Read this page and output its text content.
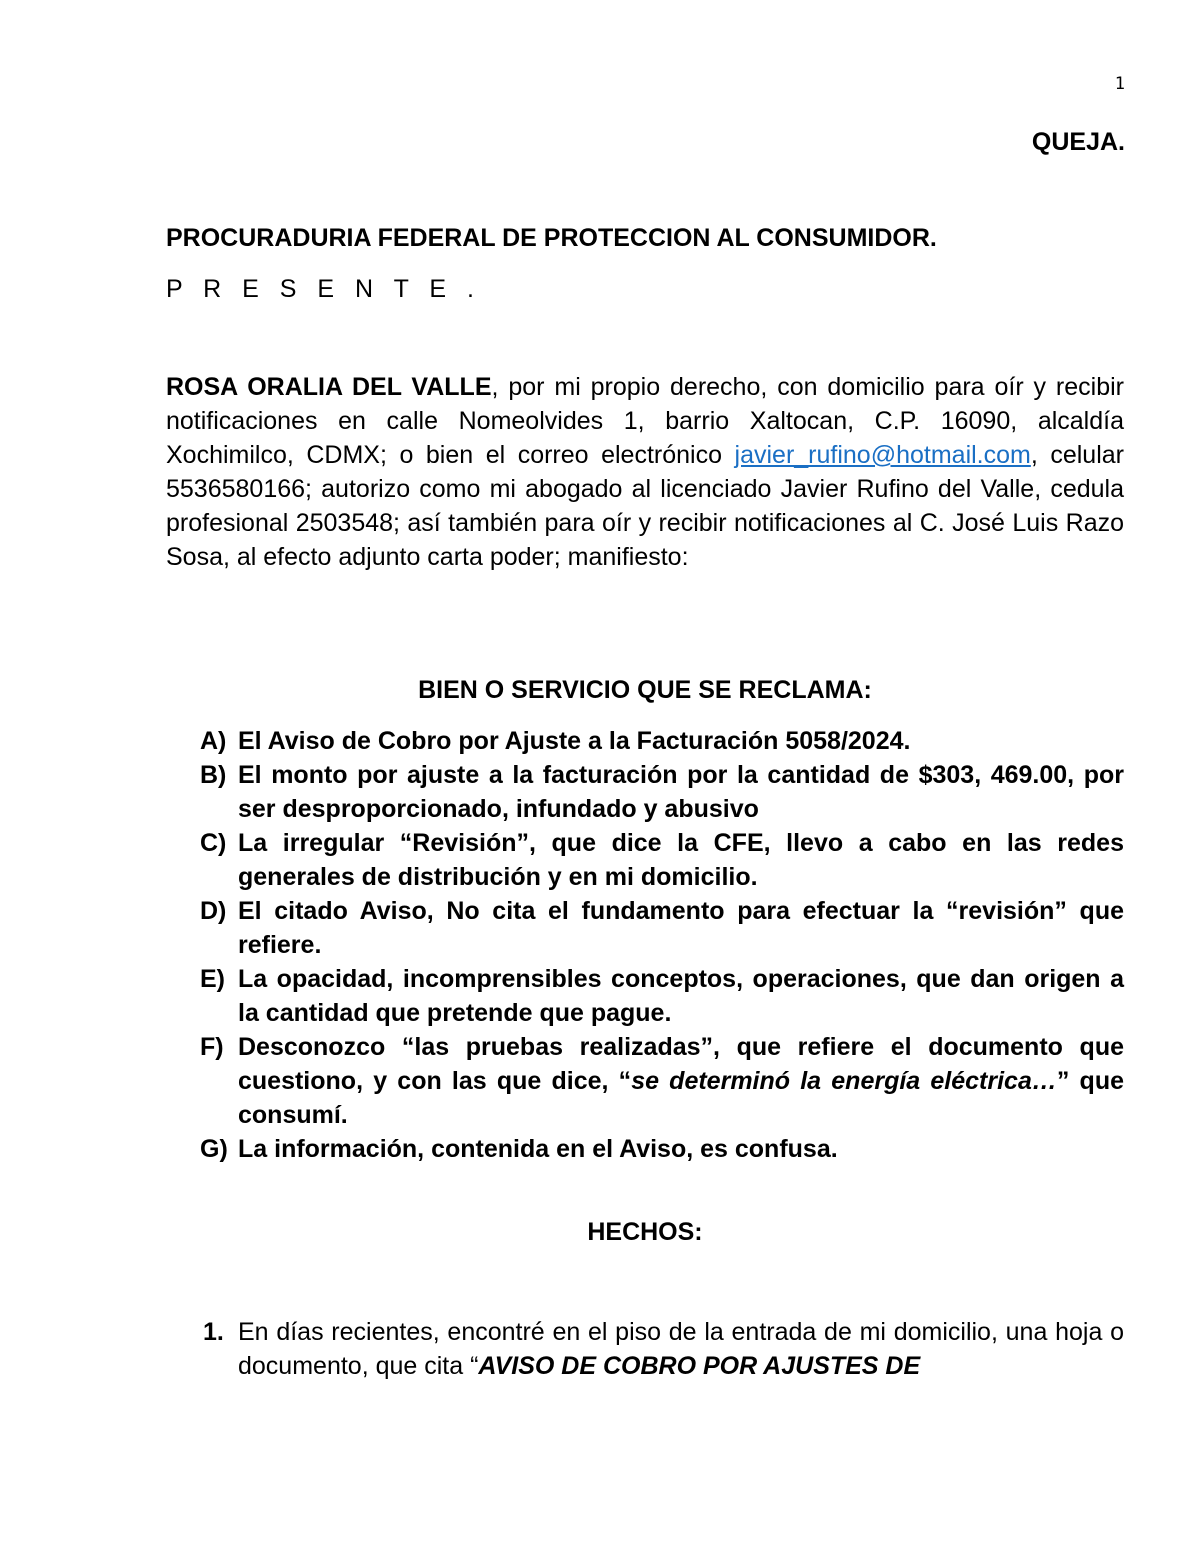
1
QUEJA.
PROCURADURIA FEDERAL DE PROTECCION AL CONSUMIDOR.
P R E S E N T E .

ROSA ORALIA DEL VALLE, por mi propio derecho, con domicilio para oír y recibir notificaciones en calle Nomeolvides 1, barrio Xaltocan, C.P. 16090, alcaldía Xochimilco, CDMX; o bien el correo electrónico javier_rufino@hotmail.com, celular 5536580166; autorizo como mi abogado al licenciado Javier Rufino del Valle, cedula profesional 2503548; así también para oír y recibir notificaciones al C. José Luis Razo Sosa, al efecto adjunto carta poder; manifiesto:

BIEN O SERVICIO QUE SE RECLAMA:
A) El Aviso de Cobro por Ajuste a la Facturación 5058/2024.
B) El monto por ajuste a la facturación por la cantidad de $303, 469.00, por ser desproporcionado, infundado y abusivo
C) La irregular “Revisión”, que dice la CFE, llevo a cabo en las redes generales de distribución y en mi domicilio.
D) El citado Aviso, No cita el fundamento para efectuar la “revisión” que refiere.
E) La opacidad, incomprensibles conceptos, operaciones, que dan origen a la cantidad que pretende que pague.
F) Desconozco “las pruebas realizadas”, que refiere el documento que cuestiono, y con las que dice, “se determinó la energía eléctrica…” que consumí.
G) La información, contenida en el Aviso, es confusa.
HECHOS:
1. En días recientes, encontré en el piso de la entrada de mi domicilio, una hoja o documento, que cita “AVISO DE COBRO POR AJUSTES DE
